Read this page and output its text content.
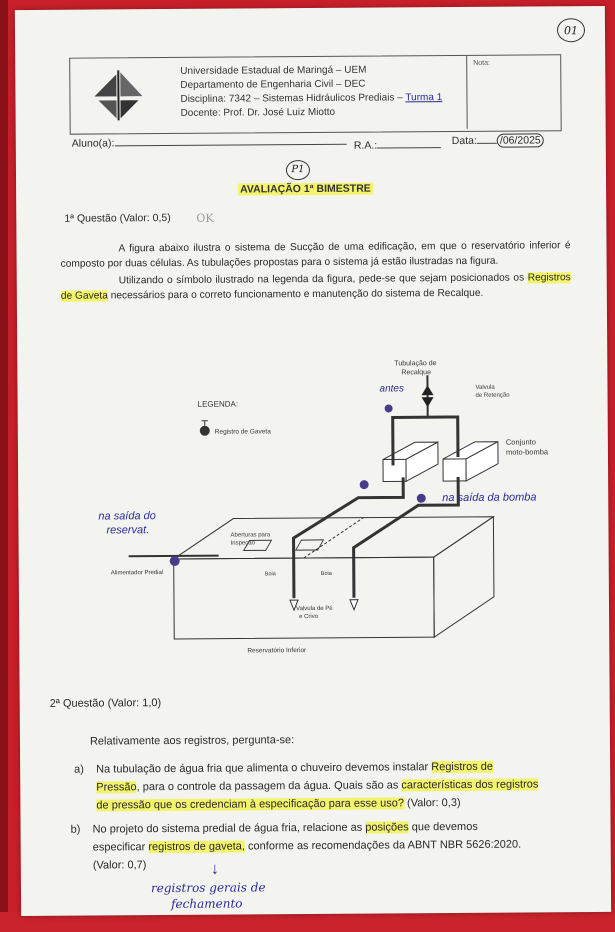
01
Universidade Estadual de Maringá – UEM
Departamento de Engenharia Civil – DEC
Disciplina: 7342 – Sistemas Hidráulicos Prediais – Turma 1
Docente: Prof. Dr. José Luiz Miotto
Nota:
Aluno(a):	R.A.:	Data: /06/2025
P1
AVALIAÇÃO 1ª BIMESTRE
1ª Questão (Valor: 0,5) OK
A figura abaixo ilustra o sistema de Sucção de uma edificação, em que o reservatório inferior é composto por duas células. As tubulações propostas para o sistema já estão ilustradas na figura.
Utilizando o símbolo ilustrado na legenda da figura, pede-se que sejam posicionados os Registros de Gaveta necessários para o correto funcionamento e manutenção do sistema de Recalque.
LEGENDA:
Registro de Gaveta
Tubulação de
Recalque
Valvula
de Retenção
Conjunto
moto-bomba
Aberturas para
Inspeção
Alimentador Predial	Boia	Boia
Valvula de Pé
e Crivo
Reservatório Inferior
antes
na saída da bomba
na saída do
reservat.
2ª Questão (Valor: 1,0)
Relativamente aos registros, pergunta-se:
a) Na tubulação de água fria que alimenta o chuveiro devemos instalar Registros de
Pressão, para o controle da passagem da água. Quais são as características dos registros
de pressão que os credenciam à especificação para esse uso? (Valor: 0,3)
b) No projeto do sistema predial de água fria, relacione as posições que devemos
especificar registros de gaveta, conforme as recomendações da ABNT NBR 5626:2020.
(Valor: 0,7)	↓
registros gerais de
fechamento
